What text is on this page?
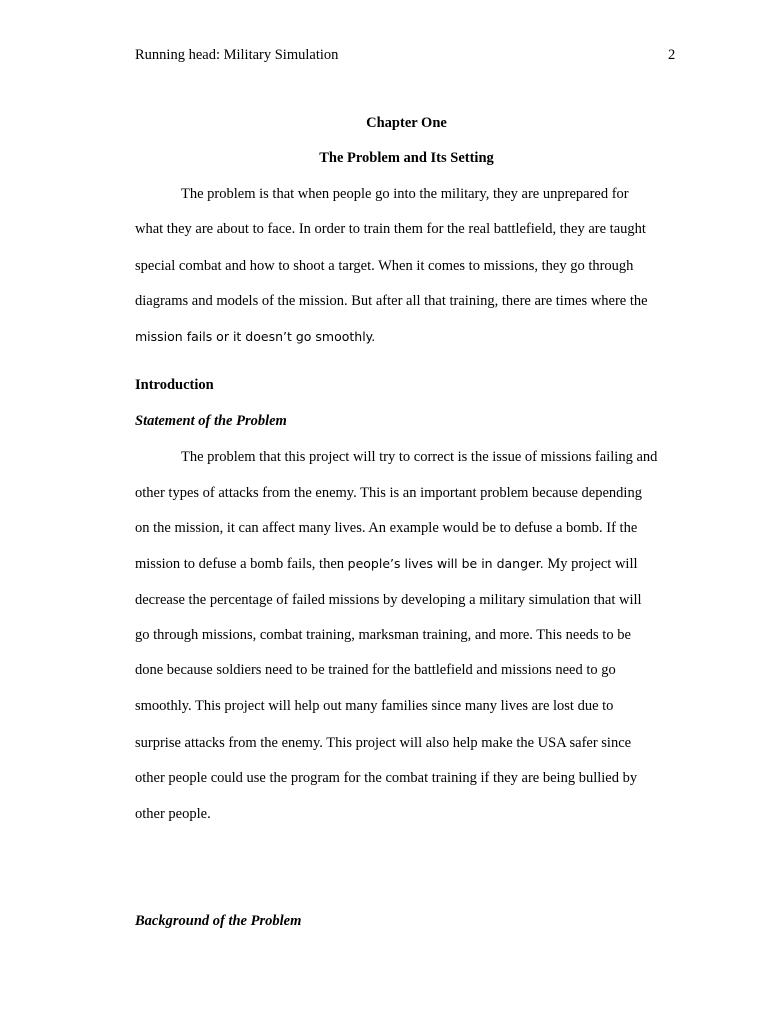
Running head: Military Simulation	2
Chapter One
The Problem and Its Setting
The problem is that when people go into the military, they are unprepared for
what they are about to face. In order to train them for the real battlefield, they are taught
special combat and how to shoot a target. When it comes to missions, they go through
diagrams and models of the mission. But after all that training, there are times where the
mission fails or it doesn’t go smoothly.
Introduction
Statement of the Problem
The problem that this project will try to correct is the issue of missions failing and
other types of attacks from the enemy. This is an important problem because depending
on the mission, it can affect many lives. An example would be to defuse a bomb. If the
mission to defuse a bomb fails, then people’s lives will be in danger. My project will
decrease the percentage of failed missions by developing a military simulation that will
go through missions, combat training, marksman training, and more. This needs to be
done because soldiers need to be trained for the battlefield and missions need to go
smoothly. This project will help out many families since many lives are lost due to
surprise attacks from the enemy. This project will also help make the USA safer since
other people could use the program for the combat training if they are being bullied by
other people.
Background of the Problem
